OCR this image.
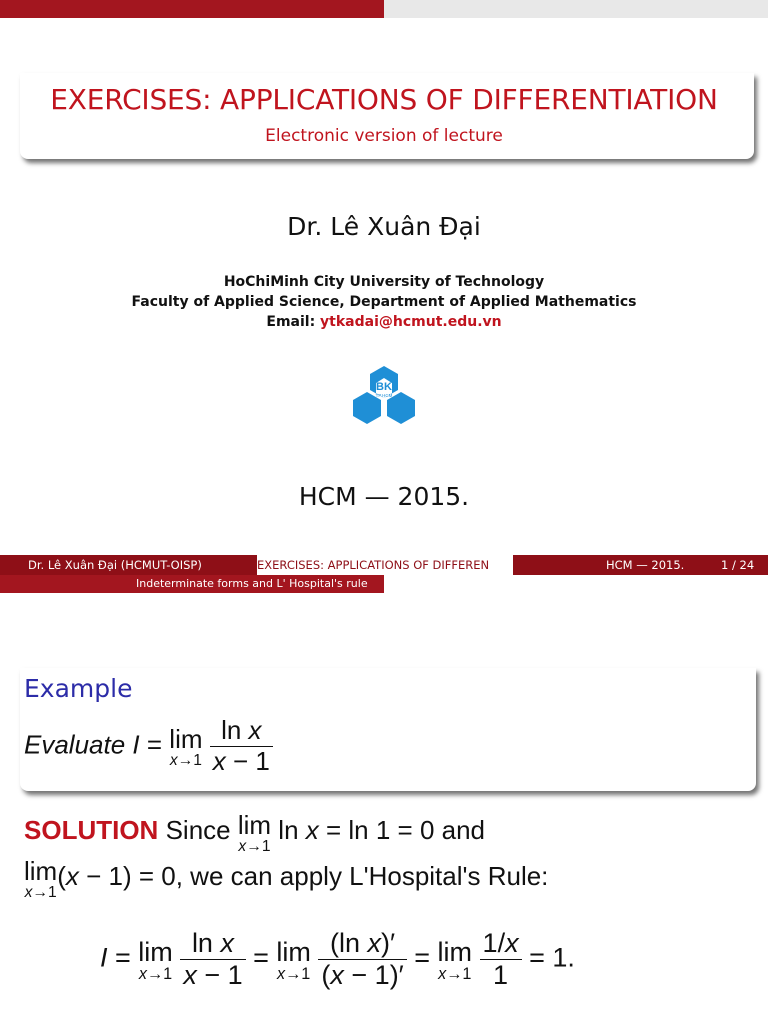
EXERCISES: APPLICATIONS OF DIFFERENTIATION
Electronic version of lecture
Dr. Lê Xuân Đại
HoChiMinh City University of Technology
Faculty of Applied Science, Department of Applied Mathematics
Email: ytkadai@hcmut.edu.vn
BK
TP.HCM
HCM — 2015.
Dr. Lê Xuân Đại (HCMUT-OISP)	EXERCISES: APPLICATIONS OF DIFFEREN	HCM — 2015.	1 / 24
Indeterminate forms and L' Hospital's rule
Example
Evaluate I = lim
x→1
$\frac{\text{ln x}}{x - 1}$
SOLUTION Since lim
x→1
ln x = ln 1 = 0 and
lim
x→1
(x − 1) = 0, we can apply L'Hospital's Rule:
I = lim
x→1
$\frac{\text{ln x}}{x - 1} = \lim$
x→1
$\frac{\text{(ln x)′}}{(x - 1)'} = \lim$
x→1
$\frac{1/x}{1} = 1$.
